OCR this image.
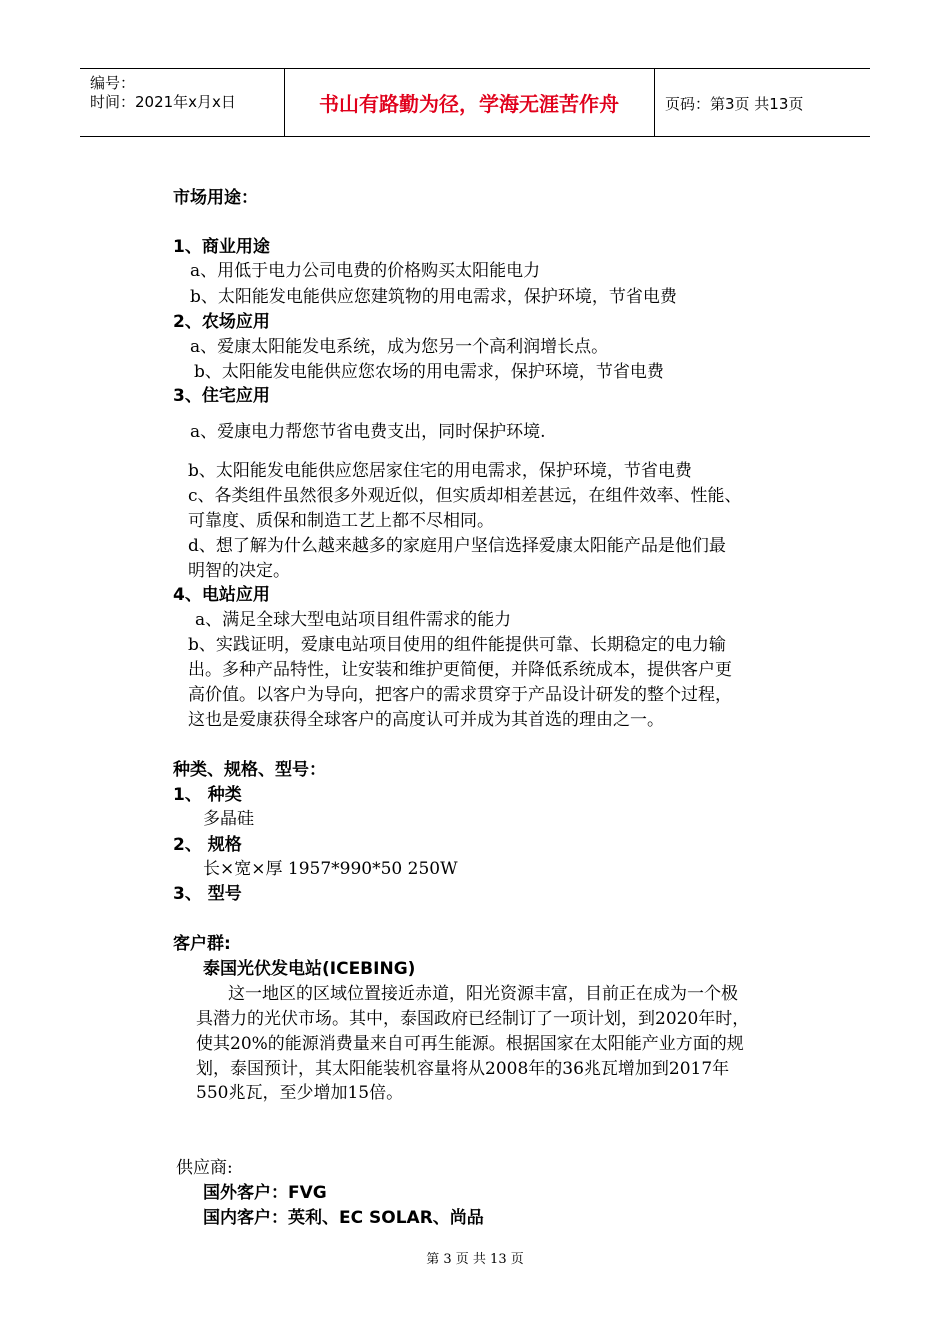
编号：
时间：2021年x月x日	书山有路勤为径，学海无涯苦作舟	页码：第3页 共13页
市场用途：
1、商业用途
a、用低于电力公司电费的价格购买太阳能电力
b、太阳能发电能供应您建筑物的用电需求，保护环境，节省电费
2、农场应用
a、爱康太阳能发电系统，成为您另一个高利润增长点。
b、太阳能发电能供应您农场的用电需求，保护环境，节省电费
3、住宅应用
a、爱康电力帮您节省电费支出，同时保护环境.
b、太阳能发电能供应您居家住宅的用电需求，保护环境，节省电费
c、各类组件虽然很多外观近似，但实质却相差甚远，在组件效率、性能、
可靠度、质保和制造工艺上都不尽相同。
d、想了解为什么越来越多的家庭用户坚信选择爱康太阳能产品是他们最
明智的决定。
4、电站应用
a、满足全球大型电站项目组件需求的能力
b、实践证明，爱康电站项目使用的组件能提供可靠、长期稳定的电力输
出。多种产品特性，让安装和维护更简便，并降低系统成本，提供客户更
高价值。以客户为导向，把客户的需求贯穿于产品设计研发的整个过程，
这也是爱康获得全球客户的高度认可并成为其首选的理由之一。
种类、规格、型号：
1、 种类
多晶硅
2、 规格
长×宽×厚 1957*990*50 250W
3、 型号
客户群:
泰国光伏发电站(ICEBING)
这一地区的区域位置接近赤道，阳光资源丰富，目前正在成为一个极
具潜力的光伏市场。其中，泰国政府已经制订了一项计划，到2020年时，
使其20%的能源消费量来自可再生能源。根据国家在太阳能产业方面的规
划，泰国预计，其太阳能装机容量将从2008年的36兆瓦增加到2017年
550兆瓦，至少增加15倍。
供应商:
国外客户：FVG
国内客户：英利、EC SOLAR、尚品
第 3 页 共 13 页
